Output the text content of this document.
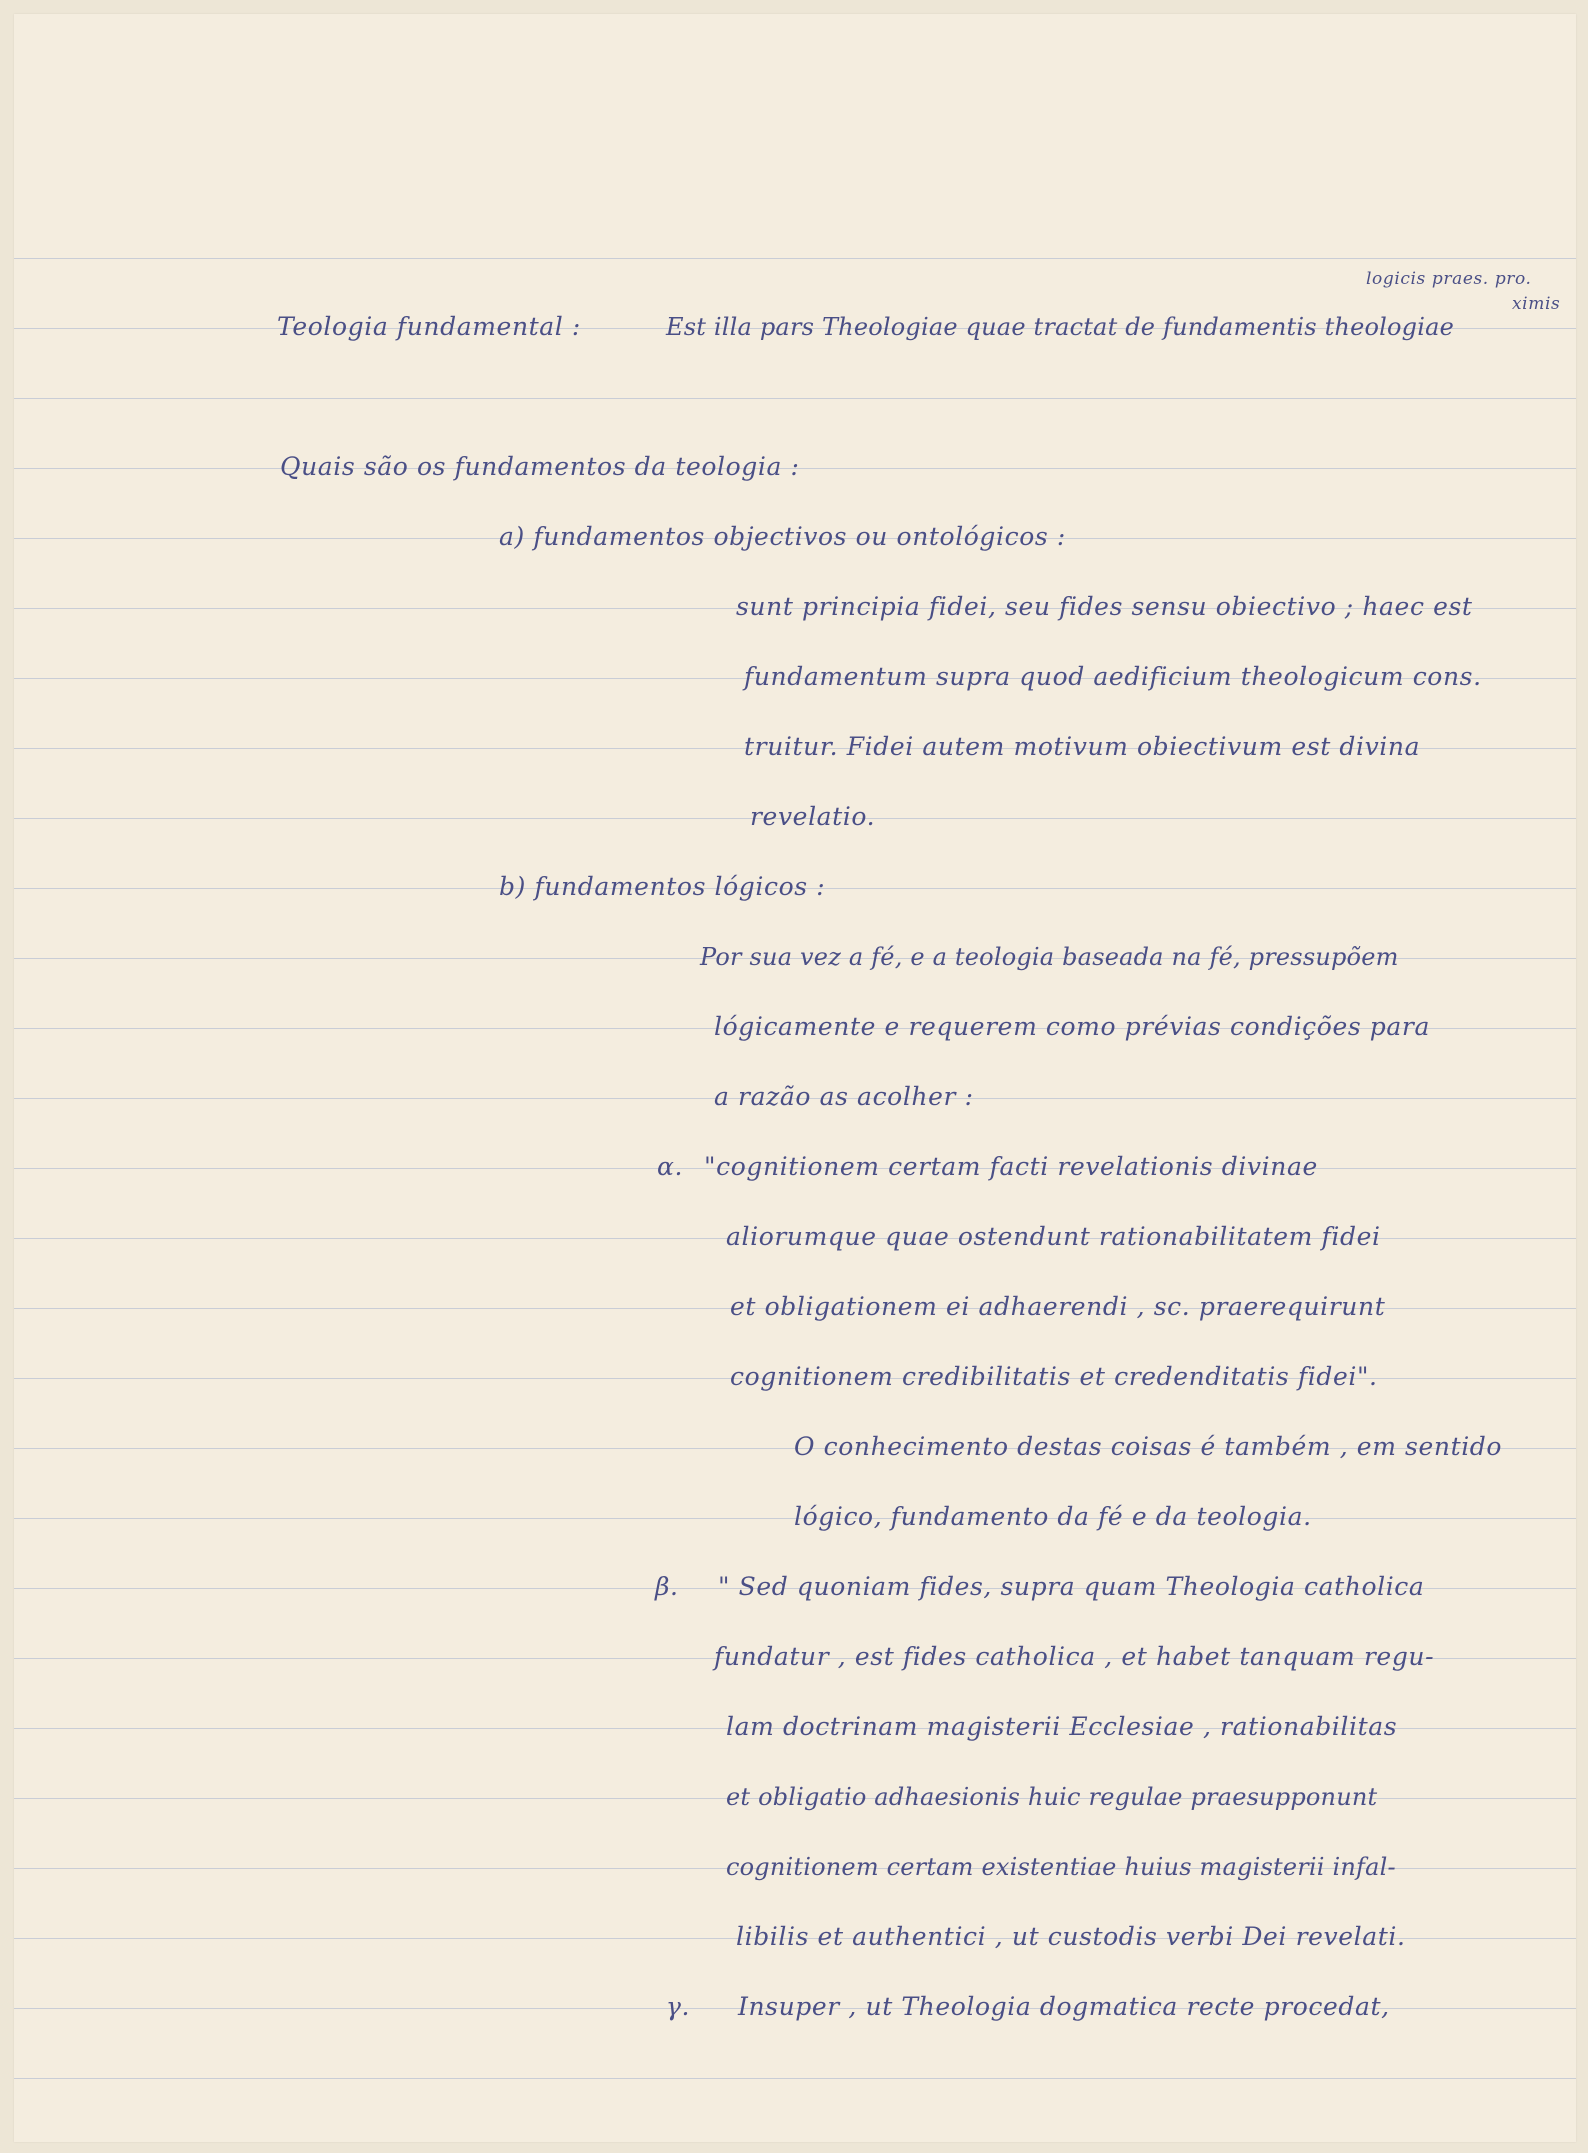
logicis praes. pro.
ximis
Teologia fundamental :	Est illa pars Theologiae quae tractat de fundamentis theologiae
Quais são os fundamentos da teologia :
a) fundamentos objectivos ou ontológicos :
sunt principia fidei, seu fides sensu obiectivo ; haec est
fundamentum supra quod aedificium theologicum cons.
truitur. Fidei autem motivum obiectivum est divina
revelatio.
b) fundamentos lógicos :
Por sua vez a fé, e a teologia baseada na fé, pressupõem
lógicamente e requerem como prévias condições para
a razão as acolher :
α. "cognitionem certam facti revelationis divinae
aliorumque quae ostendunt rationabilitatem fidei
et obligationem ei adhaerendi , sc. praerequirunt
cognitionem credibilitatis et credenditatis fidei".
O conhecimento destas coisas é também , em sentido
lógico, fundamento da fé e da teologia.
β. " Sed quoniam fides, supra quam Theologia catholica
fundatur , est fides catholica , et habet tanquam regu-
lam doctrinam magisterii Ecclesiae , rationabilitas
et obligatio adhaesionis huic regulae praesupponunt
cognitionem certam existentiae huius magisterii infal-
libilis et authentici , ut custodis verbi Dei revelati.
γ. Insuper , ut Theologia dogmatica recte procedat,
